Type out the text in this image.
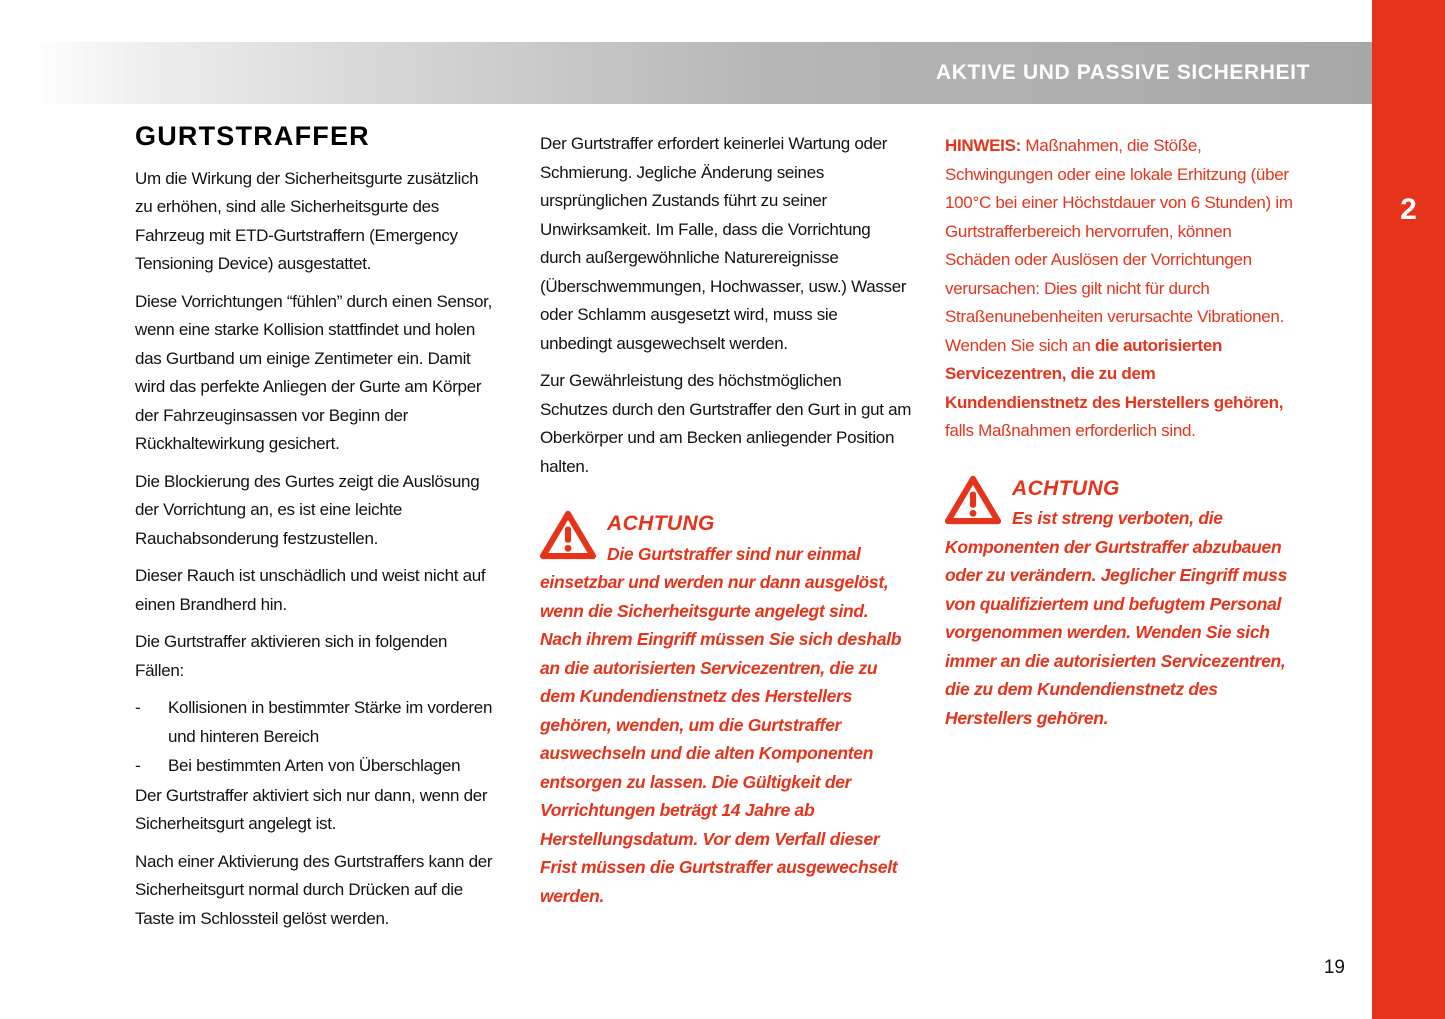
AKTIVE UND PASSIVE SICHERHEIT
2
GURTSTRAFFER

Um die Wirkung der Sicherheitsgurte zusätzlich zu erhöhen, sind alle Sicherheitsgurte des Fahrzeug mit ETD-Gurtstraffern (Emergency Tensioning Device) ausgestattet.

Diese Vorrichtungen “fühlen” durch einen Sensor, wenn eine starke Kollision stattfindet und holen das Gurtband um einige Zentimeter ein. Damit wird das perfekte Anliegen der Gurte am Körper der Fahrzeuginsassen vor Beginn der Rückhaltewirkung gesichert.

Die Blockierung des Gurtes zeigt die Auslösung der Vorrichtung an, es ist eine leichte Rauchabsonderung festzustellen.

Dieser Rauch ist unschädlich und weist nicht auf einen Brandherd hin.

Die Gurtstraffer aktivieren sich in folgenden Fällen:

-	Kollisionen in bestimmter Stärke im vorderen und hinteren Bereich
-	Bei bestimmten Arten von Überschlagen

Der Gurtstraffer aktiviert sich nur dann, wenn der Sicherheitsgurt angelegt ist.

Nach einer Aktivierung des Gurtstraffers kann der Sicherheitsgurt normal durch Drücken auf die Taste im Schlossteil gelöst werden.

Der Gurtstraffer erfordert keinerlei Wartung oder Schmierung. Jegliche Änderung seines ursprünglichen Zustands führt zu seiner Unwirksamkeit. Im Falle, dass die Vorrichtung durch außergewöhnliche Naturereignisse (Überschwemmungen, Hochwasser, usw.) Wasser oder Schlamm ausgesetzt wird, muss sie unbedingt ausgewechselt werden.

Zur Gewährleistung des höchstmöglichen Schutzes durch den Gurtstraffer den Gurt in gut am Oberkörper und am Becken anliegender Position halten.

ACHTUNG
Die Gurtstraffer sind nur einmal einsetzbar und werden nur dann ausgelöst, wenn die Sicherheitsgurte angelegt sind. Nach ihrem Eingriff müssen Sie sich deshalb an die autorisierten Servicezentren, die zu dem Kundendienstnetz des Herstellers gehören, wenden, um die Gurtstraffer auswechseln und die alten Komponenten entsorgen zu lassen. Die Gültigkeit der Vorrichtungen beträgt 14 Jahre ab Herstellungsdatum. Vor dem Verfall dieser Frist müssen die Gurtstraffer ausgewechselt werden.

HINWEIS: Maßnahmen, die Stöße, Schwingungen oder eine lokale Erhitzung (über 100°C bei einer Höchstdauer von 6 Stunden) im Gurtstrafferbereich hervorrufen, können Schäden oder Auslösen der Vorrichtungen verursachen: Dies gilt nicht für durch Straßenunebenheiten verursachte Vibrationen. Wenden Sie sich an die autorisierten Servicezentren, die zu dem Kundendienstnetz des Herstellers gehören, falls Maßnahmen erforderlich sind.

ACHTUNG
Es ist streng verboten, die Komponenten der Gurtstraffer abzubauen oder zu verändern. Jeglicher Eingriff muss von qualifiziertem und befugtem Personal vorgenommen werden. Wenden Sie sich immer an die autorisierten Servicezentren, die zu dem Kundendienstnetz des Herstellers gehören.
19
